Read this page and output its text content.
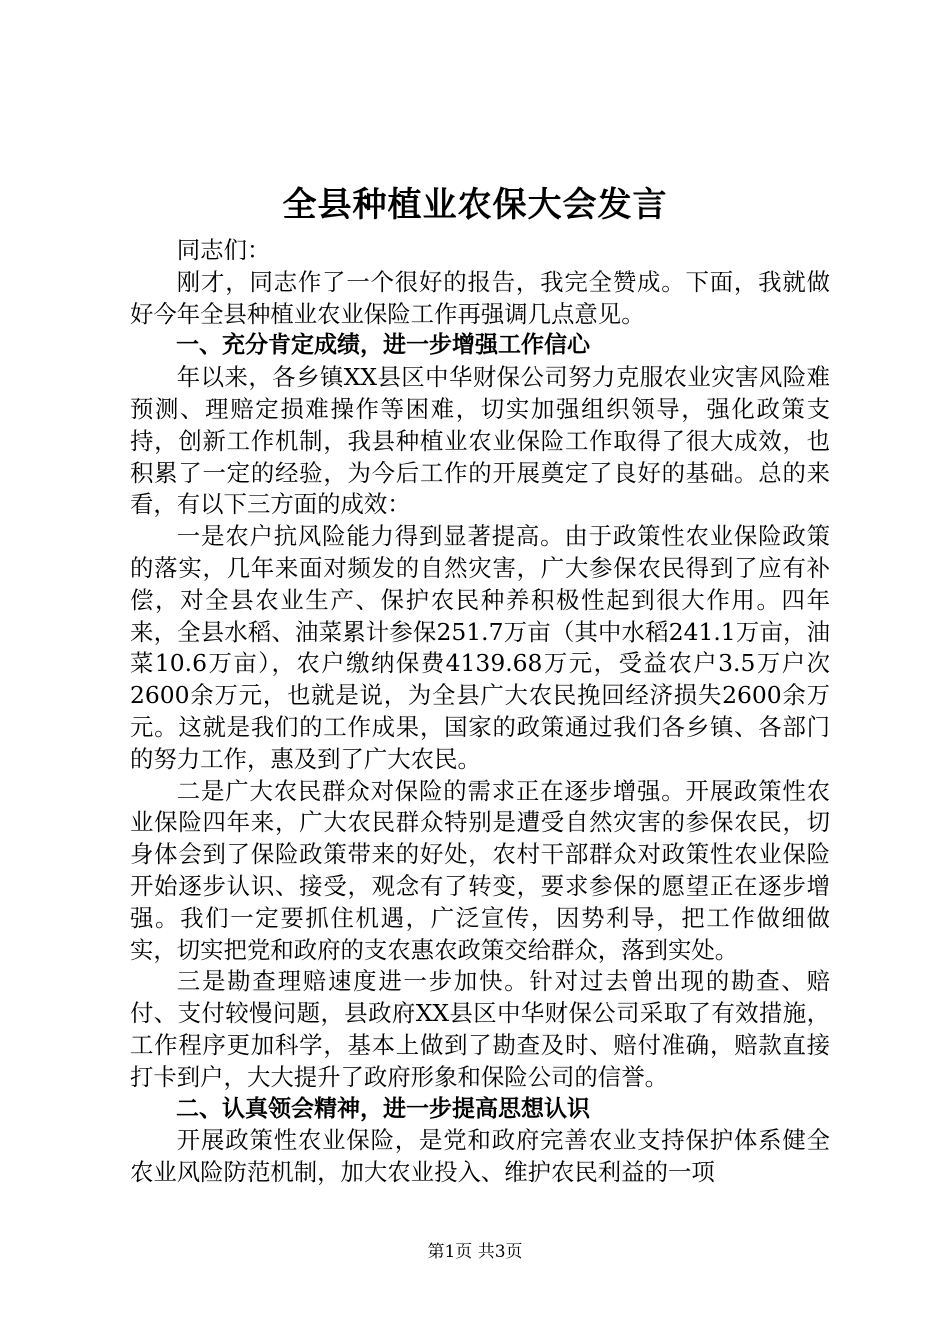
全县种植业农保大会发言

同志们：

刚才，同志作了一个很好的报告，我完全赞成。下面，我就做好今年全县种植业农业保险工作再强调几点意见。

一、充分肯定成绩，进一步增强工作信心

年以来，各乡镇XX县区中华财保公司努力克服农业灾害风险难预测、理赔定损难操作等困难，切实加强组织领导，强化政策支持，创新工作机制，我县种植业农业保险工作取得了很大成效，也积累了一定的经验，为今后工作的开展奠定了良好的基础。总的来看，有以下三方面的成效：

一是农户抗风险能力得到显著提高。由于政策性农业保险政策的落实，几年来面对频发的自然灾害，广大参保农民得到了应有补偿，对全县农业生产、保护农民种养积极性起到很大作用。四年来，全县水稻、油菜累计参保251.7万亩（其中水稻241.1万亩，油菜10.6万亩），农户缴纳保费4139.68万元，受益农户3.5万户次2600余万元，也就是说，为全县广大农民挽回经济损失2600余万元。这就是我们的工作成果，国家的政策通过我们各乡镇、各部门的努力工作，惠及到了广大农民。

二是广大农民群众对保险的需求正在逐步增强。开展政策性农业保险四年来，广大农民群众特别是遭受自然灾害的参保农民，切身体会到了保险政策带来的好处，农村干部群众对政策性农业保险开始逐步认识、接受，观念有了转变，要求参保的愿望正在逐步增强。我们一定要抓住机遇，广泛宣传，因势利导，把工作做细做实，切实把党和政府的支农惠农政策交给群众，落到实处。

三是勘查理赔速度进一步加快。针对过去曾出现的勘查、赔付、支付较慢问题，县政府XX县区中华财保公司采取了有效措施，工作程序更加科学，基本上做到了勘查及时、赔付准确，赔款直接打卡到户，大大提升了政府形象和保险公司的信誉。

二、认真领会精神，进一步提高思想认识

开展政策性农业保险，是党和政府完善农业支持保护体系健全农业风险防范机制，加大农业投入、维护农民利益的一项

第1页 共3页
